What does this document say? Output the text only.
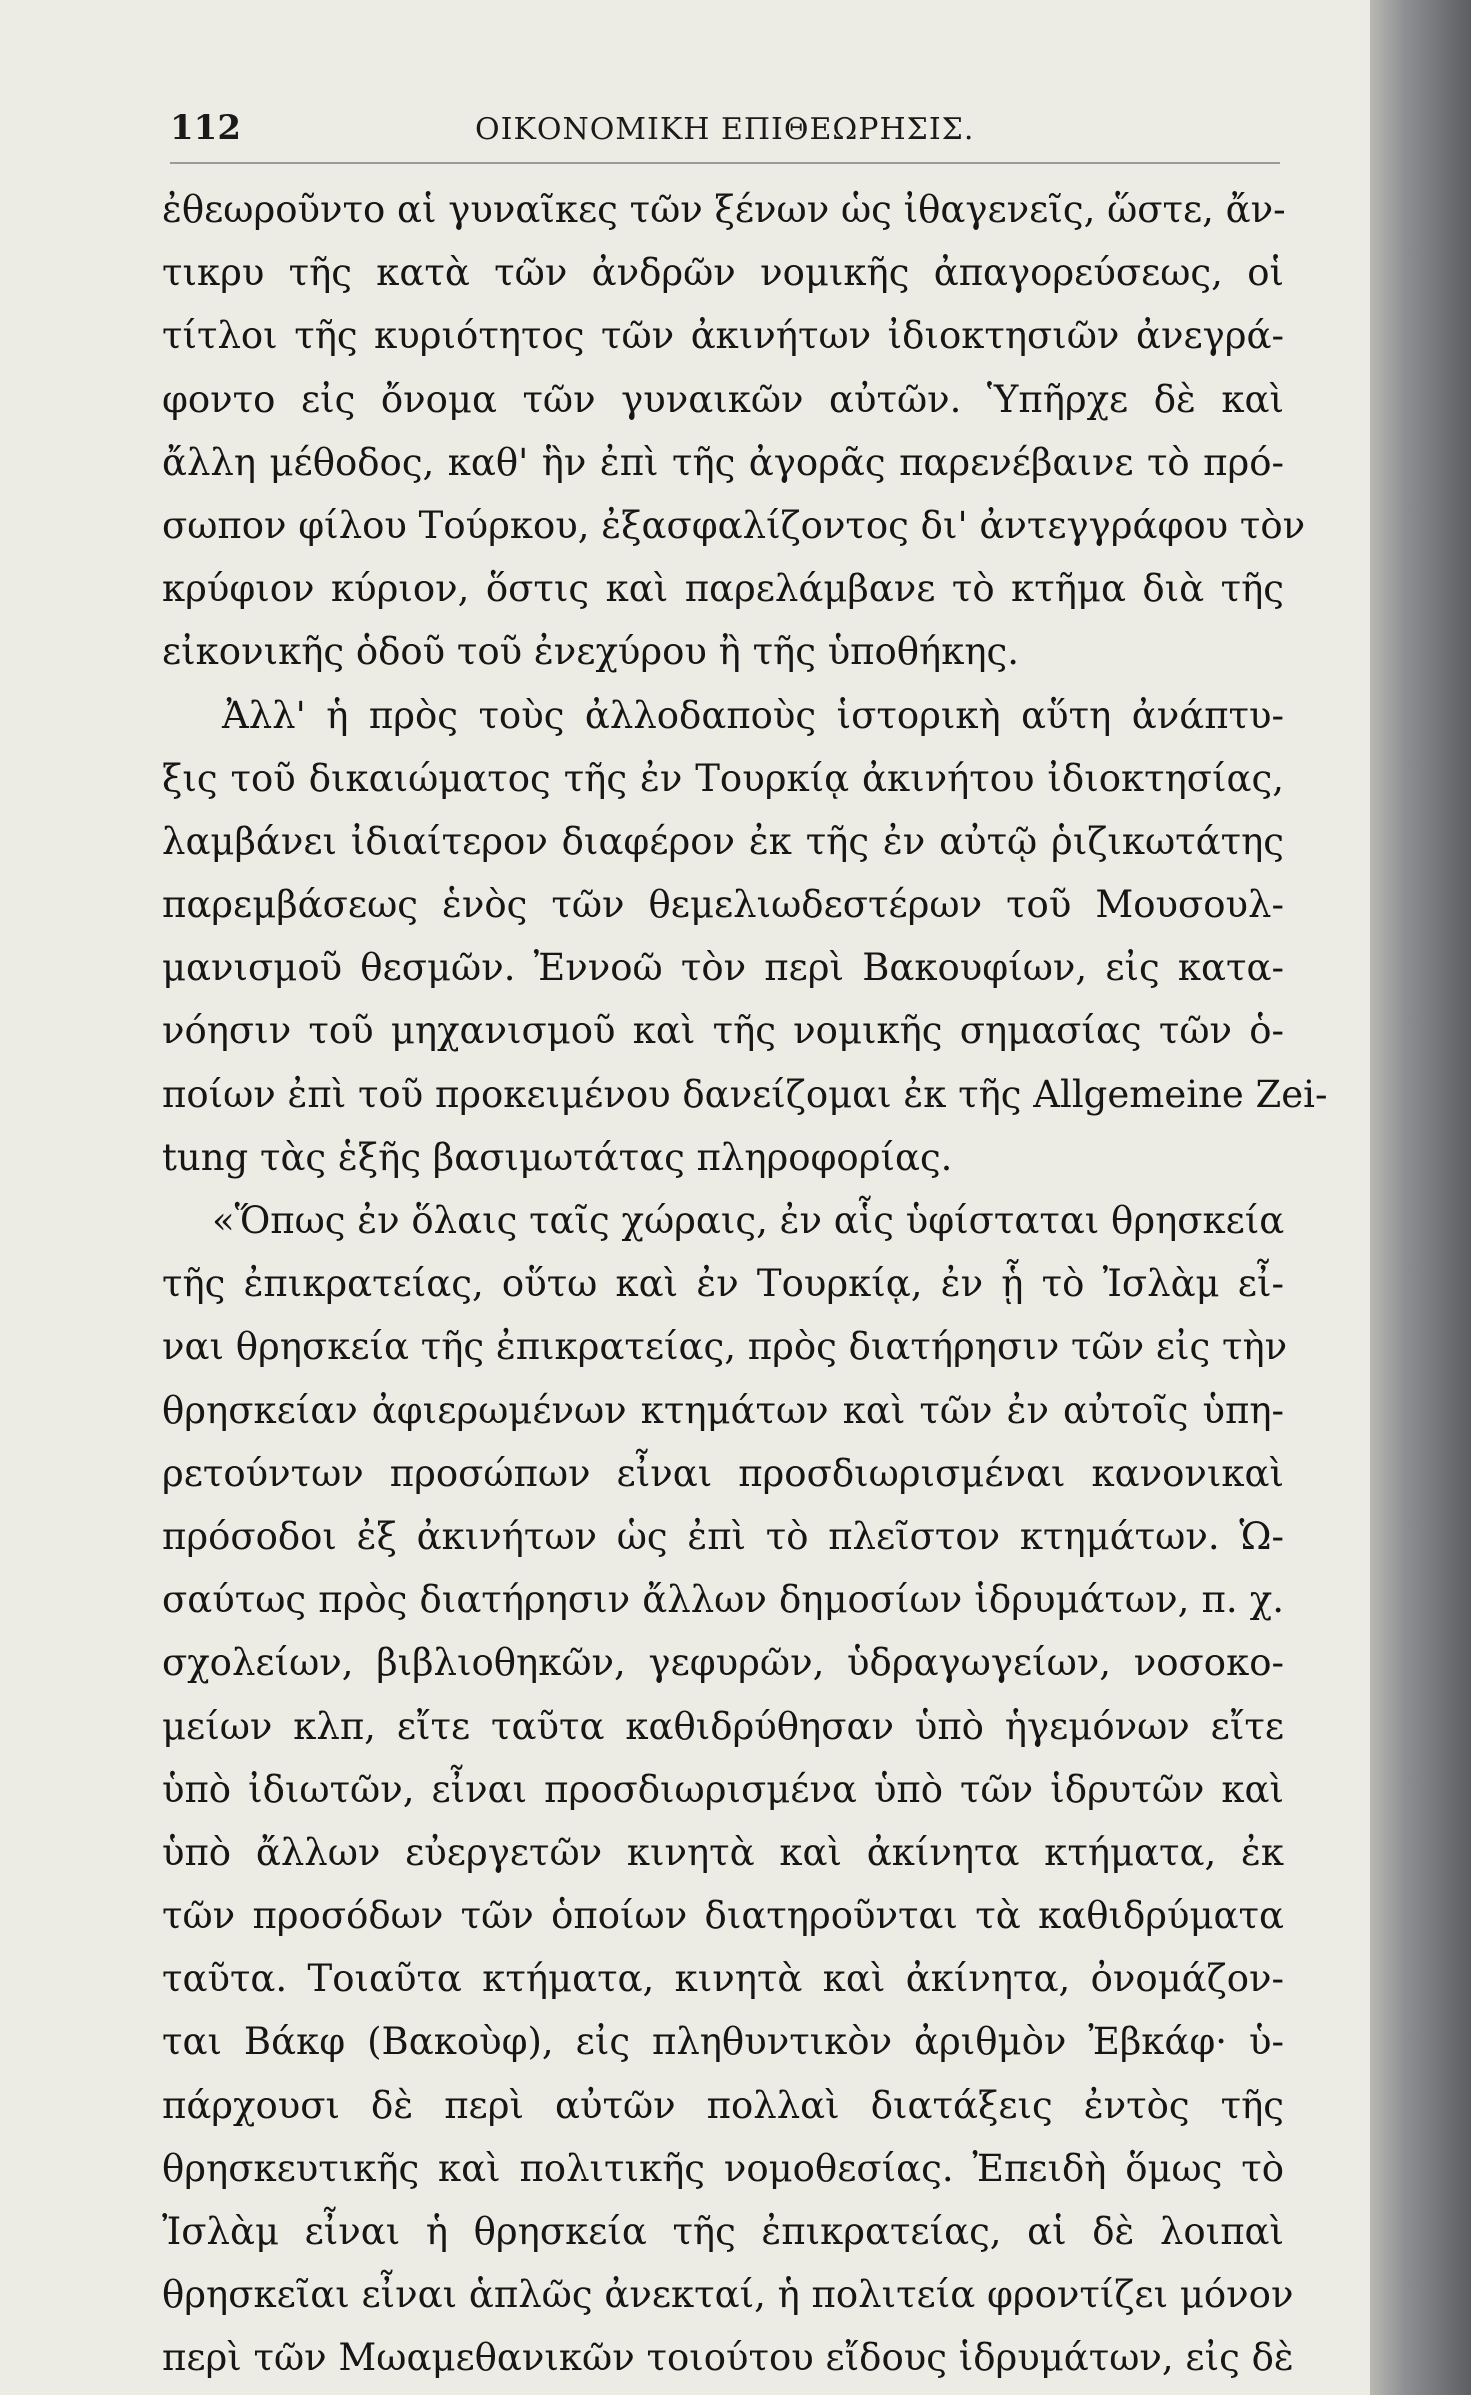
112	ΟΙΚΟΝΟΜΙΚΗ ΕΠΙΘΕΩΡΗΣΙΣ.
ἐθεωροῦντο αἱ γυναῖκες τῶν ξένων ὡς ἰθαγενεῖς, ὥστε, ἄν-
τικρυ τῆς κατὰ τῶν ἀνδρῶν νομικῆς ἀπαγορεύσεως, οἱ
τίτλοι τῆς κυριότητος τῶν ἀκινήτων ἰδιοκτησιῶν ἀνεγρά-
φοντο εἰς ὄνομα τῶν γυναικῶν αὐτῶν. Ὑπῆρχε δὲ καὶ
ἄλλη μέθοδος, καθ' ἣν ἐπὶ τῆς ἀγορᾶς παρενέβαινε τὸ πρό-
σωπον φίλου Τούρκου, ἐξασφαλίζοντος δι' ἀντεγγράφου τὸν
κρύφιον κύριον, ὅστις καὶ παρελάμβανε τὸ κτῆμα διὰ τῆς
εἰκονικῆς ὁδοῦ τοῦ ἐνεχύρου ἢ τῆς ὑποθήκης.
Ἀλλ' ἡ πρὸς τοὺς ἀλλοδαποὺς ἱστορικὴ αὕτη ἀνάπτυ-
ξις τοῦ δικαιώματος τῆς ἐν Τουρκίᾳ ἀκινήτου ἰδιοκτησίας,
λαμβάνει ἰδιαίτερον διαφέρον ἐκ τῆς ἐν αὐτῷ ῥιζικωτάτης
παρεμβάσεως ἑνὸς τῶν θεμελιωδεστέρων τοῦ Μουσουλ-
μανισμοῦ θεσμῶν. Ἐννοῶ τὸν περὶ Βακουφίων, εἰς κατα-
νόησιν τοῦ μηχανισμοῦ καὶ τῆς νομικῆς σημασίας τῶν ὁ-
ποίων ἐπὶ τοῦ προκειμένου δανείζομαι ἐκ τῆς Allgemeine Zei-
tung τὰς ἑξῆς βασιμωτάτας πληροφορίας.
«Ὅπως ἐν ὅλαις ταῖς χώραις, ἐν αἷς ὑφίσταται θρησκεία
τῆς ἐπικρατείας, οὕτω καὶ ἐν Τουρκίᾳ, ἐν ᾗ τὸ Ἰσλὰμ εἶ-
ναι θρησκεία τῆς ἐπικρατείας, πρὸς διατήρησιν τῶν εἰς τὴν
θρησκείαν ἀφιερωμένων κτημάτων καὶ τῶν ἐν αὐτοῖς ὑπη-
ρετούντων προσώπων εἶναι προσδιωρισμέναι κανονικαὶ
πρόσοδοι ἐξ ἀκινήτων ὡς ἐπὶ τὸ πλεῖστον κτημάτων. Ὡ-
σαύτως πρὸς διατήρησιν ἄλλων δημοσίων ἱδρυμάτων, π. χ.
σχολείων, βιβλιοθηκῶν, γεφυρῶν, ὑδραγωγείων, νοσοκο-
μείων κλπ, εἴτε ταῦτα καθιδρύθησαν ὑπὸ ἡγεμόνων εἴτε
ὑπὸ ἰδιωτῶν, εἶναι προσδιωρισμένα ὑπὸ τῶν ἱδρυτῶν καὶ
ὑπὸ ἄλλων εὐεργετῶν κινητὰ καὶ ἀκίνητα κτήματα, ἐκ
τῶν προσόδων τῶν ὁποίων διατηροῦνται τὰ καθιδρύματα
ταῦτα. Τοιαῦτα κτήματα, κινητὰ καὶ ἀκίνητα, ὀνομάζον-
ται Βάκφ (Βακοὺφ), εἰς πληθυντικὸν ἀριθμὸν Ἐβκάφ· ὑ-
πάρχουσι δὲ περὶ αὐτῶν πολλαὶ διατάξεις ἐντὸς τῆς
θρησκευτικῆς καὶ πολιτικῆς νομοθεσίας. Ἐπειδὴ ὅμως τὸ
Ἰσλὰμ εἶναι ἡ θρησκεία τῆς ἐπικρατείας, αἱ δὲ λοιπαὶ
θρησκεῖαι εἶναι ἁπλῶς ἀνεκταί, ἡ πολιτεία φροντίζει μόνον
περὶ τῶν Μωαμεθανικῶν τοιούτου εἴδους ἱδρυμάτων, εἰς δὲ
